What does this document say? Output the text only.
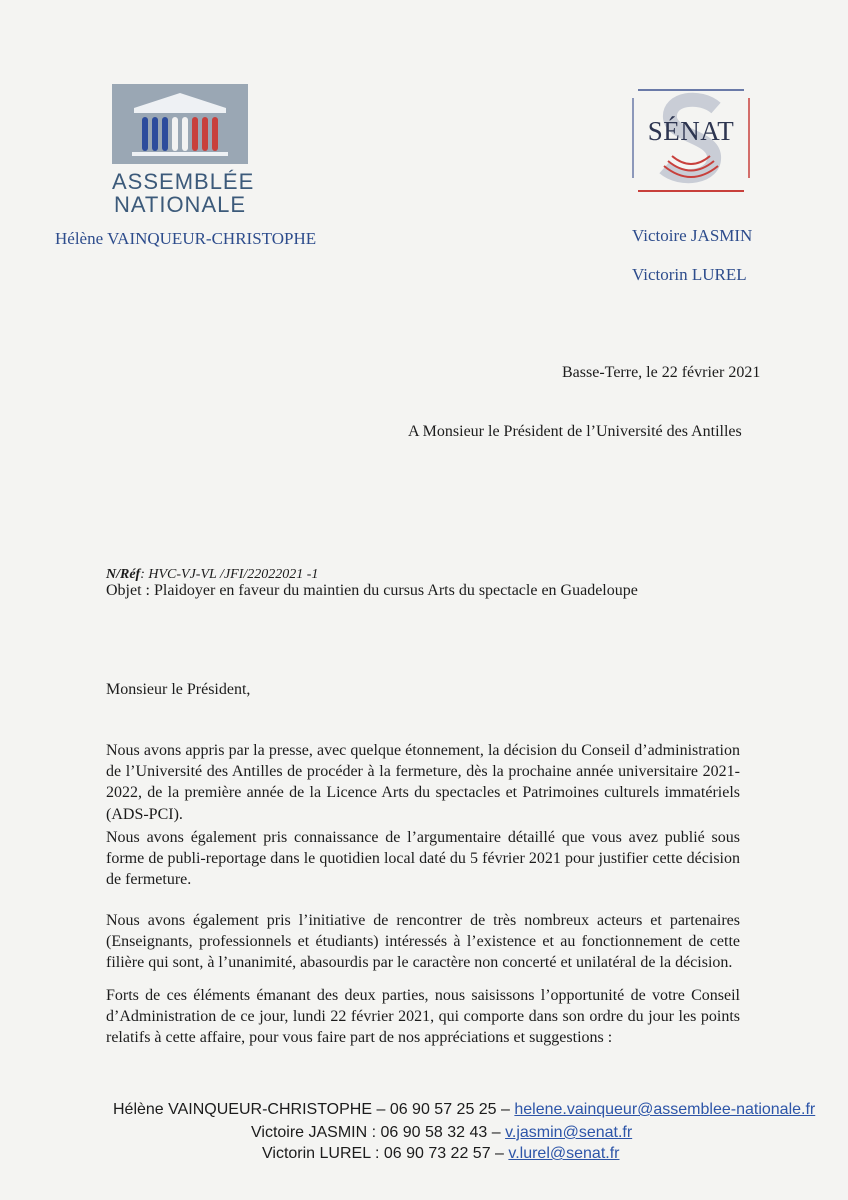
ASSEMBLÉE
NATIONALE
SÉNAT
Hélène VAINQUEUR-CHRISTOPHE	Victoire JASMIN
Victorin LUREL
Basse-Terre, le 22 février 2021
A Monsieur le Président de l’Université des Antilles
N/Réf: HVC-VJ-VL /JFI/22022021 -1
Objet : Plaidoyer en faveur du maintien du cursus Arts du spectacle en Guadeloupe
Monsieur le Président,

Nous avons appris par la presse, avec quelque étonnement, la décision du Conseil d’administration de l’Université des Antilles de procéder à la fermeture, dès la prochaine année universitaire 2021-2022, de la première année de la Licence Arts du spectacles et Patrimoines culturels immatériels (ADS-PCI).

Nous avons également pris connaissance de l’argumentaire détaillé que vous avez publié sous forme de publi-reportage dans le quotidien local daté du 5 février 2021 pour justifier cette décision de fermeture.

Nous avons également pris l’initiative de rencontrer de très nombreux acteurs et partenaires (Enseignants, professionnels et étudiants) intéressés à l’existence et au fonctionnement de cette filière qui sont, à l’unanimité, abasourdis par le caractère non concerté et unilatéral de la décision.

Forts de ces éléments émanant des deux parties, nous saisissons l’opportunité de votre Conseil d’Administration de ce jour, lundi 22 février 2021, qui comporte dans son ordre du jour les points relatifs à cette affaire, pour vous faire part de nos appréciations et suggestions :

Hélène VAINQUEUR-CHRISTOPHE – 06 90 57 25 25 – helene.vainqueur@assemblee-nationale.fr
Victoire JASMIN : 06 90 58 32 43 – v.jasmin@senat.fr
Victorin LUREL : 06 90 73 22 57 – v.lurel@senat.fr
